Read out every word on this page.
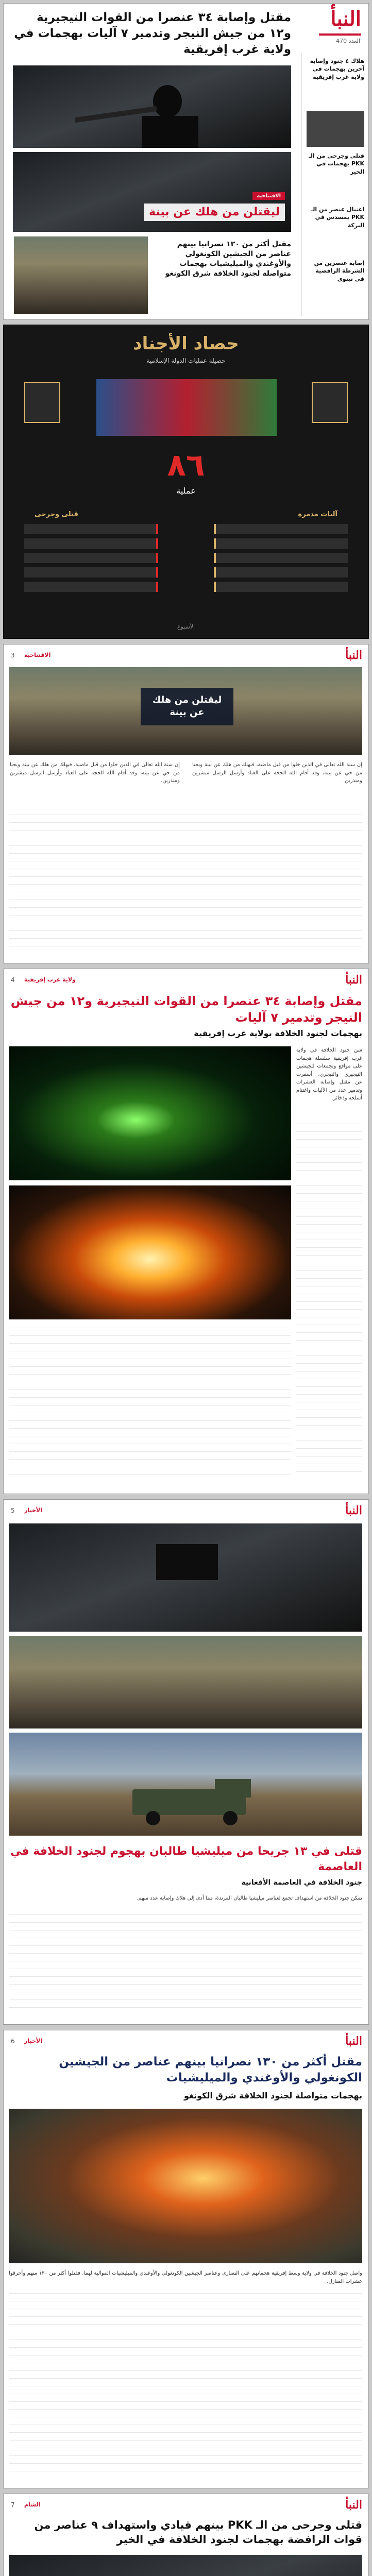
النبأ
العدد 470
مقتل وإصابة ٣٤ عنصرا من القوات النيجيرية و١٢ من جيش النيجر وتدمير ٧ آليات بهجمات في ولاية غرب إفريقية
الافتتاحية
ليقتلن من هلك عن بينة
مقتل أكثر من ١٣٠ نصرانيا بينهم عناصر من الجيشين الكونغولي والأوغندي والميليشيات بهجمات متواصلة لجنود الخلافة شرق الكونغو
هلاك ٤ جنود وإصابة آخرين بهجمات في ولاية غرب إفريقية
قتلى وجرحى من الـ PKK بهجمات في الخير
اغتيال عنصر من الـ PKK بمسدس في البركة
إصابة عنصرين من الشرطة الرافضية في نينوى
حصاد الأجناد
حصيلة عمليات الدولة الإسلامية
٨٦
عملية
قتلى وجرحى	آليات مدمرة
الأسبوع
النبأ
الافتتاحية
3
ليقتلن من هلك عن بينة
إن سنة الله تعالى في الذين خلوا من قبل ماضية، فيهلك من هلك عن بينة ويحيا من حي عن بينة، وقد أقام الله الحجة على العباد وأرسل الرسل مبشرين ومنذرين.
إن سنة الله تعالى في الذين خلوا من قبل ماضية، فيهلك من هلك عن بينة ويحيا من حي عن بينة، وقد أقام الله الحجة على العباد وأرسل الرسل مبشرين ومنذرين.
النبأ
ولاية غرب إفريقية
4
مقتل وإصابة ٣٤ عنصرا من القوات النيجيرية و١٢ من جيش النيجر وتدمير ٧ آليات
بهجمات لجنود الخلافة بولاية غرب إفريقية
شن جنود الخلافة في ولاية غرب إفريقية سلسلة هجمات على مواقع وتجمعات للجيشين النيجيري والنيجري، أسفرت عن مقتل وإصابة العشرات وتدمير عدد من الآليات واغتنام أسلحة وذخائر.
النبأ
الأخبار
5
قتلى في ١٣ جريحا من ميليشيا طالبان بهجوم لجنود الخلافة في العاصمة
جنود الخلافة في العاصمة الأفغانية
تمكن جنود الخلافة من استهداف تجمع لعناصر ميليشيا طالبان المرتدة، مما أدى إلى هلاك وإصابة عدد منهم.
النبأ
الأخبار
6
مقتل أكثر من ١٣٠ نصرانيا بينهم عناصر من الجيشين الكونغولي والأوغندي والميليشيات
بهجمات متواصلة لجنود الخلافة شرق الكونغو
واصل جنود الخلافة في ولاية وسط إفريقية هجماتهم على النصارى وعناصر الجيشين الكونغولي والأوغندي والميليشيات الموالية لهما، فقتلوا أكثر من ١٣٠ منهم وأحرقوا عشرات المنازل.
النبأ
الشام
7
قتلى وجرحى من الـ PKK بينهم قيادي واستهداف ٩ عناصر من قوات الرافضة بهجمات لجنود الخلافة في الخير
